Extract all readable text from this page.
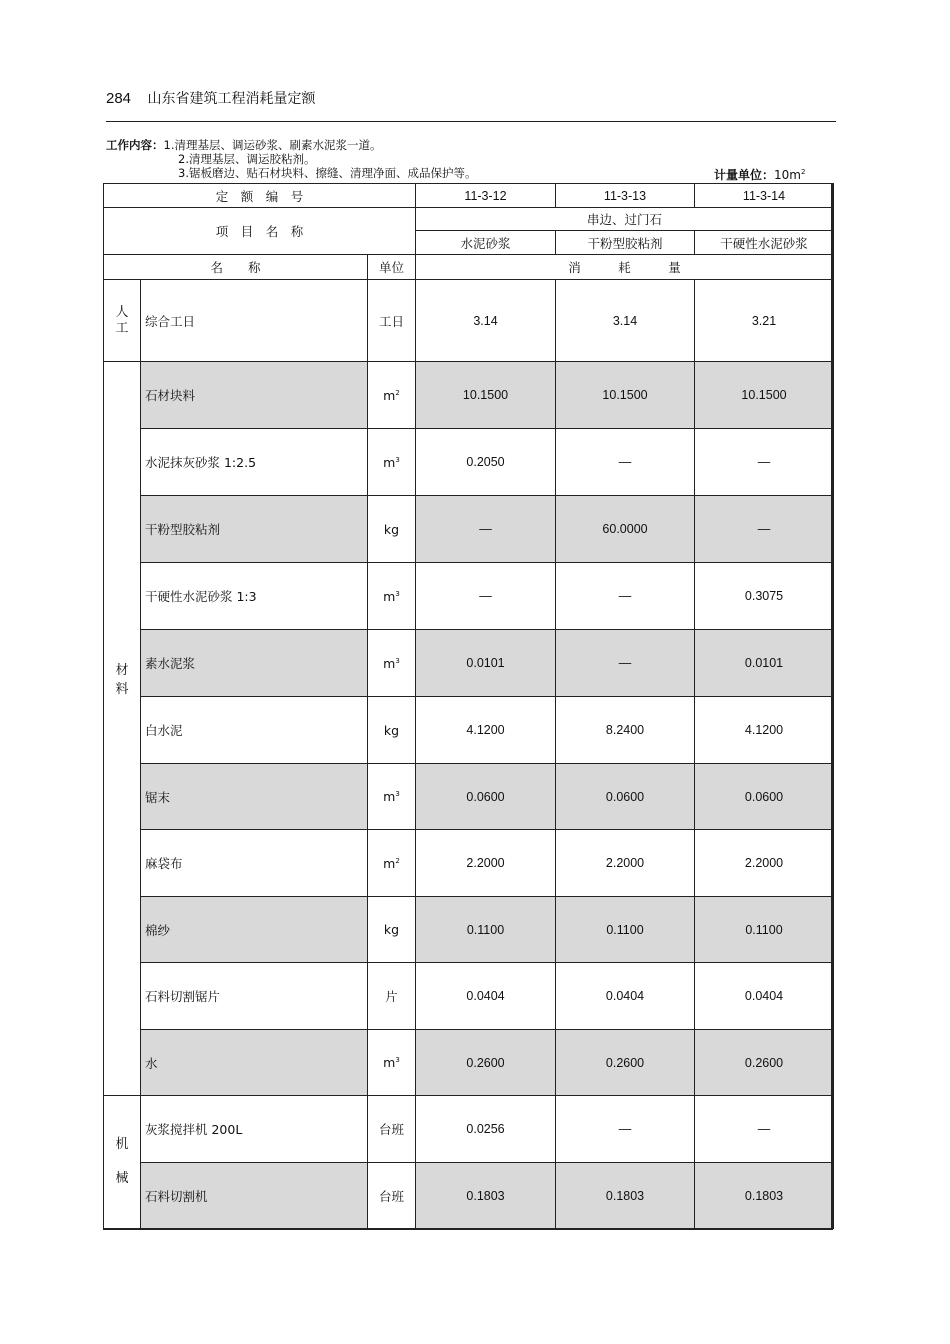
284 山东省建筑工程消耗量定额
工作内容：1.清理基层、调运砂浆、刷素水泥浆一道。
2.清理基层、调运胶粘剂。
3.锯板磨边、贴石材块料、擦缝、清理净面、成品保护等。	计量单位：$10m^2$
定　额　编　号			11-3-12	11-3-13	11-3-14
项　目　名　称			串边、过门石		
			水泥砂浆	干粉型胶粘剂	干硬性水泥砂浆
名　　称		单位	消　　　耗　　　量		
人工	综合工日	工日	3.14	3.14	3.21

材
料	石材块料	$m^2$	10.1500	10.1500	10.1500
	水泥抹灰砂浆 1:2.5	$m^3$	0.2050	—	—
	干粉型胶粘剂	kg	—	60.0000	—
	干硬性水泥砂浆 1:3	$m^3$	—	—	0.3075
	素水泥浆	$m^3$	0.0101	—	0.0101
	白水泥	kg	4.1200	8.2400	4.1200
	锯末	$m^3$	0.0600	0.0600	0.0600
	麻袋布	$m^2$	2.2000	2.2000	2.2000
	棉纱	kg	0.1100	0.1100	0.1100
	石料切割锯片	片	0.0404	0.0404	0.0404
	水	$m^3$	0.2600	0.2600	0.2600

机
械	灰浆搅拌机 200L	台班	0.0256	—	—
	石料切割机	台班	0.1803	0.1803	0.1803
